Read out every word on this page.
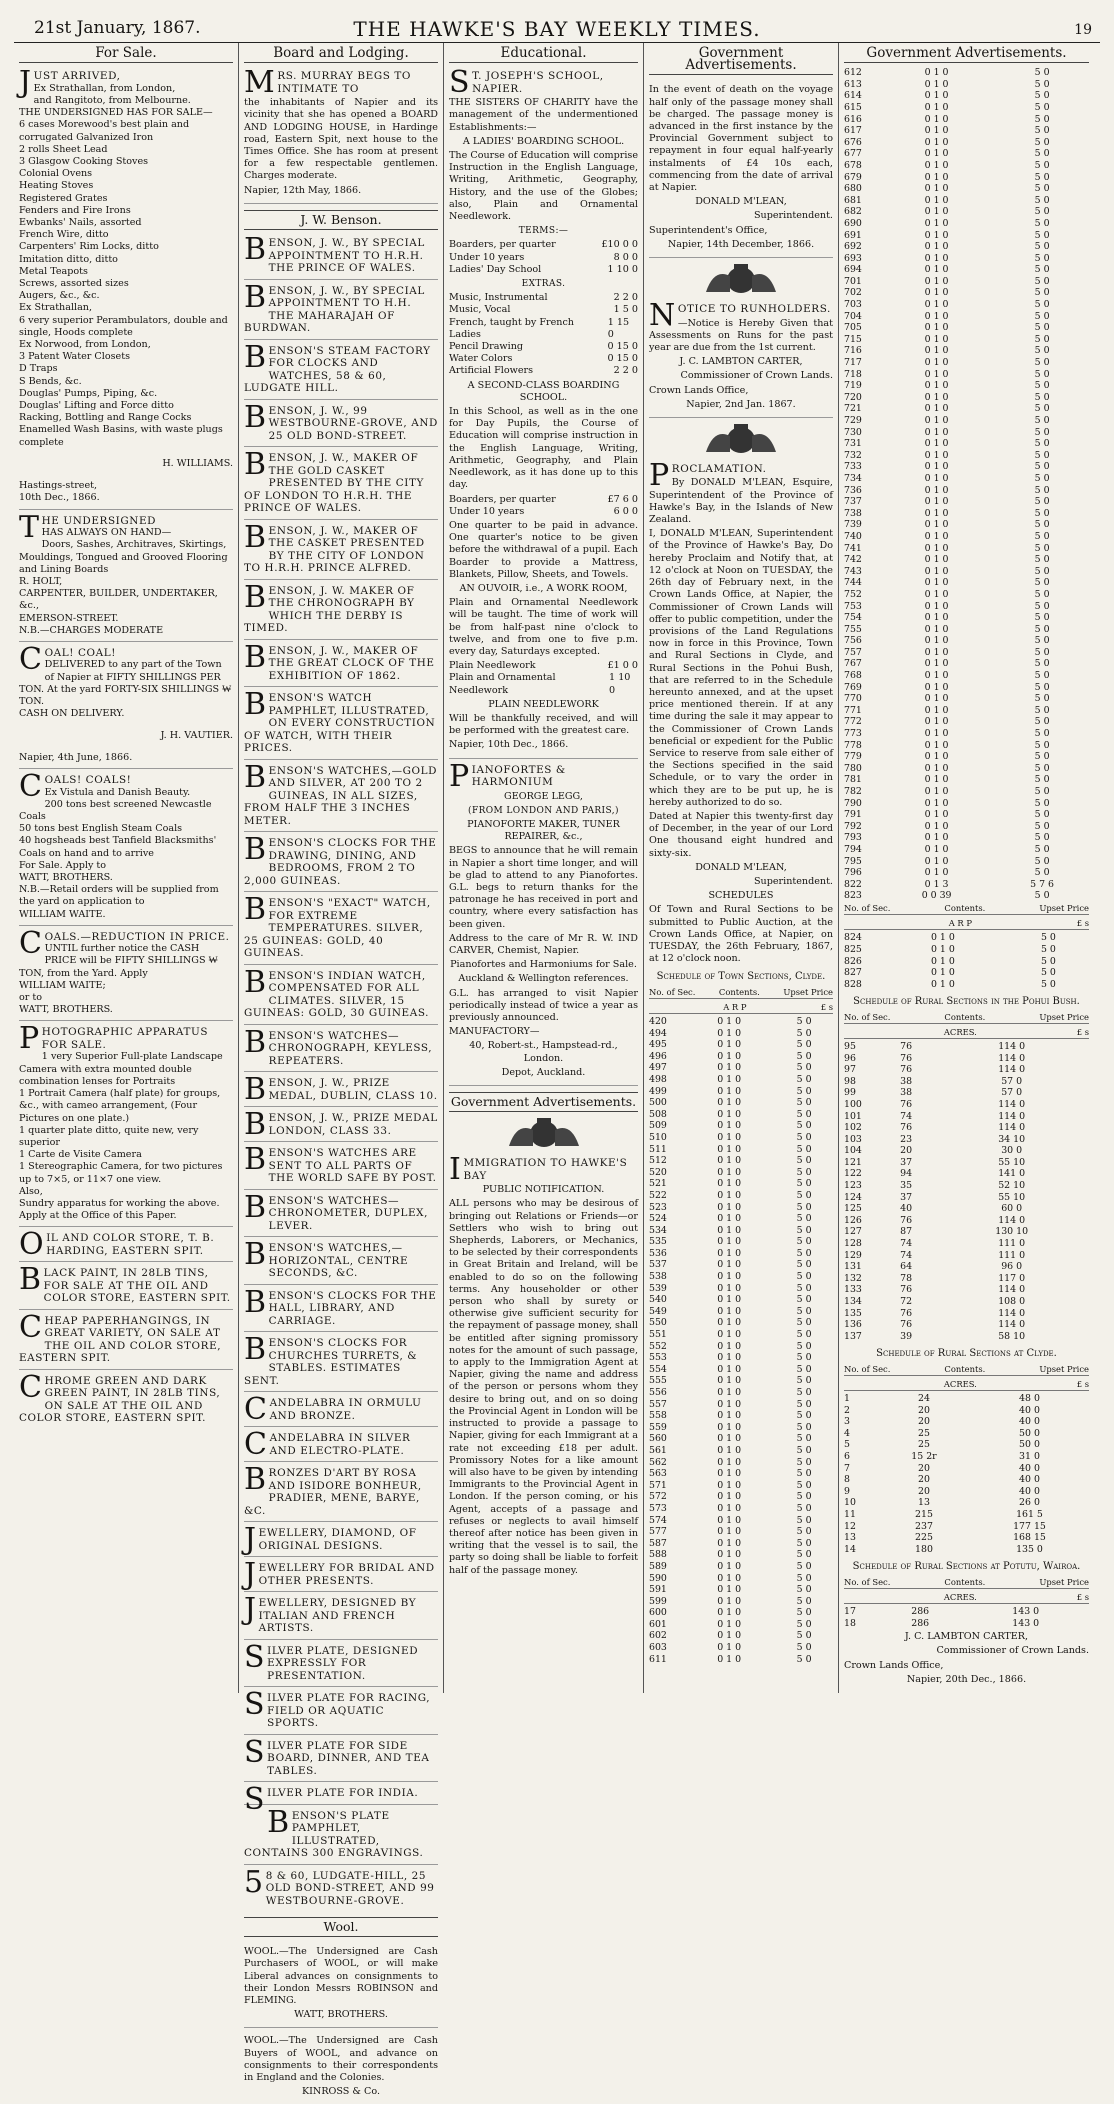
21st January, 1867.	THE HAWKE'S BAY WEEKLY TIMES.	19
For Sale.
JUST ARRIVED,

Ex Strathallan, from London,

and Rangitoto, from Melbourne.

THE UNDERSIGNED HAS FOR SALE—

6 cases Morewood's best plain and corrugated Galvanized Iron

2 rolls Sheet Lead

3 Glasgow Cooking Stoves

Colonial Ovens

Heating Stoves

Registered Grates

Fenders and Fire Irons

Ewbanks' Nails, assorted

French Wire, ditto

Carpenters' Rim Locks, ditto

Imitation ditto, ditto

Metal Teapots

Screws, assorted sizes

Augers, &c., &c.

Ex Strathallan,

6 very superior Perambulators, double and single, Hoods complete

Ex Norwood, from London,

3 Patent Water Closets

D Traps

S Bends, &c.

Douglas' Pumps, Piping, &c.

Douglas' Lifting and Force ditto

Racking, Bottling and Range Cocks

Enamelled Wash Basins, with waste plugs complete

H. WILLIAMS.

Hastings-street,

10th Dec., 1866.

THE UNDERSIGNED

HAS ALWAYS ON HAND—

Doors, Sashes, Architraves, Skirtings, Mouldings, Tongued and Grooved Flooring and Lining Boards

R. HOLT,

CARPENTER, BUILDER, UNDERTAKER, &c.,

EMERSON-STREET.

N.B.—CHARGES MODERATE

COAL! COAL!

DELIVERED to any part of the Town of Napier at FIFTY SHILLINGS PER TON. At the yard FORTY-SIX SHILLINGS ₩ TON.

CASH ON DELIVERY.

J. H. VAUTIER.

Napier, 4th June, 1866.

COALS! COALS!

Ex Vistula and Danish Beauty.

200 tons best screened Newcastle Coals

50 tons best English Steam Coals

40 hogsheads best Tanfield Blacksmiths' Coals on hand and to arrive

For Sale. Apply to

WATT, BROTHERS.

N.B.—Retail orders will be supplied from the yard on application to

WILLIAM WAITE.

COALS.—REDUCTION IN PRICE.

UNTIL further notice the CASH PRICE will be FIFTY SHILLINGS ₩ TON, from the Yard. Apply

WILLIAM WAITE;

or to

WATT, BROTHERS.

PHOTOGRAPHIC APPARATUS FOR SALE.

1 very Superior Full-plate Landscape Camera with extra mounted double combination lenses for Portraits

1 Portrait Camera (half plate) for groups, &c., with cameo arrangement, (Four Pictures on one plate.)

1 quarter plate ditto, quite new, very superior

1 Carte de Visite Camera

1 Stereographic Camera, for two pictures up to 7×5, or 11×7 one view.

Also,

Sundry apparatus for working the above.

Apply at the Office of this Paper.

OIL AND COLOR STORE, T. B. HARDING, EASTERN SPIT.
BLACK PAINT, IN 28LB TINS, FOR SALE AT THE OIL AND COLOR STORE, EASTERN SPIT.
CHEAP PAPERHANGINGS, IN GREAT VARIETY, ON SALE AT THE OIL AND COLOR STORE, EASTERN SPIT.
CHROME GREEN AND DARK GREEN PAINT, IN 28LB TINS, ON SALE AT THE OIL AND COLOR STORE, EASTERN SPIT.
Board and Lodging.
MRS. MURRAY BEGS TO INTIMATE TO

the inhabitants of Napier and its vicinity that she has opened a BOARD AND LODGING HOUSE, in Hardinge road, Eastern Spit, next house to the Times Office. She has room at present for a few respectable gentlemen. Charges moderate.

Napier, 12th May, 1866.

J. W. Benson.
BENSON, J. W., BY SPECIAL APPOINTMENT TO H.R.H. THE PRINCE OF WALES.
BENSON, J. W., BY SPECIAL APPOINTMENT TO H.H. THE MAHARAJAH OF BURDWAN.
BENSON'S STEAM FACTORY FOR CLOCKS AND WATCHES, 58 & 60, LUDGATE HILL.
BENSON, J. W., 99 WESTBOURNE-GROVE, AND 25 OLD BOND-STREET.
BENSON, J. W., MAKER OF THE GOLD CASKET PRESENTED BY THE CITY OF LONDON TO H.R.H. THE PRINCE OF WALES.
BENSON, J. W., MAKER OF THE CASKET PRESENTED BY THE CITY OF LONDON TO H.R.H. PRINCE ALFRED.
BENSON, J. W. MAKER OF THE CHRONOGRAPH BY WHICH THE DERBY IS TIMED.
BENSON, J. W., MAKER OF THE GREAT CLOCK OF THE EXHIBITION OF 1862.
BENSON'S WATCH PAMPHLET, ILLUSTRATED, ON EVERY CONSTRUCTION OF WATCH, WITH THEIR PRICES.
BENSON'S WATCHES,—GOLD AND SILVER, AT 200 TO 2 GUINEAS, IN ALL SIZES, FROM HALF THE 3 INCHES METER.
BENSON'S CLOCKS FOR THE DRAWING, DINING, AND BEDROOMS, FROM 2 TO 2,000 GUINEAS.
BENSON'S "EXACT" WATCH, FOR EXTREME TEMPERATURES. SILVER, 25 GUINEAS: GOLD, 40 GUINEAS.
BENSON'S INDIAN WATCH, COMPENSATED FOR ALL CLIMATES. SILVER, 15 GUINEAS: GOLD, 30 GUINEAS.
BENSON'S WATCHES—CHRONOGRAPH, KEYLESS, REPEATERS.
BENSON, J. W., PRIZE MEDAL, DUBLIN, CLASS 10.
BENSON, J. W., PRIZE MEDAL LONDON, CLASS 33.
BENSON'S WATCHES ARE SENT TO ALL PARTS OF THE WORLD SAFE BY POST.
BENSON'S WATCHES—CHRONOMETER, DUPLEX, LEVER.
BENSON'S WATCHES,—HORIZONTAL, CENTRE SECONDS, &C.
BENSON'S CLOCKS FOR THE HALL, LIBRARY, AND CARRIAGE.
BENSON'S CLOCKS FOR CHURCHES TURRETS, & STABLES. ESTIMATES SENT.
CANDELABRA IN ORMULU AND BRONZE.
CANDELABRA IN SILVER AND ELECTRO-PLATE.
BRONZES D'ART BY ROSA AND ISIDORE BONHEUR, PRADIER, MENE, BARYE, &C.
JEWELLERY, DIAMOND, OF ORIGINAL DESIGNS.
JEWELLERY FOR BRIDAL AND OTHER PRESENTS.
JEWELLERY, DESIGNED BY ITALIAN AND FRENCH ARTISTS.
SILVER PLATE, DESIGNED EXPRESSLY FOR PRESENTATION.
SILVER PLATE FOR RACING, FIELD OR AQUATIC SPORTS.
SILVER PLATE FOR SIDE BOARD, DINNER, AND TEA TABLES.
SILVER PLATE FOR INDIA.
BENSON'S PLATE PAMPHLET, ILLUSTRATED, CONTAINS 300 ENGRAVINGS.
58 & 60, LUDGATE-HILL, 25 OLD BOND-STREET, AND 99 WESTBOURNE-GROVE.
Wool.

WOOL.—The Undersigned are Cash Purchasers of WOOL, or will make Liberal advances on consignments to their London Messrs ROBINSON and FLEMING.

WATT, BROTHERS.

WOOL.—The Undersigned are Cash Buyers of WOOL, and advance on consignments to their correspondents in England and the Colonies.

KINROSS & Co.

Educational.
ST. JOSEPH'S SCHOOL, NAPIER.

THE SISTERS OF CHARITY have the management of the undermentioned Establishments:—

A LADIES' BOARDING SCHOOL.

The Course of Education will comprise Instruction in the English Language, Writing, Arithmetic, Geography, History, and the use of the Globes; also, Plain and Ornamental Needlework.

TERMS:—

Boarders, per quarter	£10 0 0
Under 10 years	8 0 0
Ladies' Day School	1 10 0

EXTRAS.

Music, Instrumental	2 2 0
Music, Vocal	1 5 0
French, taught by French Ladies
1 15 0
Pencil Drawing	0 15 0
Water Colors	0 15 0
Artificial Flowers	2 2 0

A SECOND-CLASS BOARDING SCHOOL.

In this School, as well as in the one for Day Pupils, the Course of Education will comprise instruction in the English Language, Writing, Arithmetic, Geography, and Plain Needlework, as it has done up to this day.

Boarders, per quarter	£7 6 0
Under 10 years	6 0 0

One quarter to be paid in advance. One quarter's notice to be given before the withdrawal of a pupil. Each Boarder to provide a Mattress, Blankets, Pillow, Sheets, and Towels.

AN OUVOIR, i.e., A WORK ROOM,

Plain and Ornamental Needlework will be taught. The time of work will be from half-past nine o'clock to twelve, and from one to five p.m. every day, Saturdays excepted.

Plain Needlework	£1 0 0
Plain and Ornamental Needlework
1 10 0

PLAIN NEEDLEWORK

Will be thankfully received, and will be performed with the greatest care.

Napier, 10th Dec., 1866.

PIANOFORTES & HARMONIUM

GEORGE LEGG,

(FROM LONDON AND PARIS,)

PIANOFORTE MAKER, TUNER REPAIRER, &c.,

BEGS to announce that he will remain in Napier a short time longer, and will be glad to attend to any Pianofortes. G.L. begs to return thanks for the patronage he has received in port and country, where every satisfaction has been given.

Address to the care of Mr R. W. IND CARVER, Chemist, Napier.

Pianofortes and Harmoniums for Sale.

Auckland & Wellington references.

G.L. has arranged to visit Napier periodically instead of twice a year as previously announced.

MANUFACTORY—

40, Robert-st., Hampstead-rd., London.

Depot, Auckland.

Government Advertisements.
IMMIGRATION TO HAWKE'S BAY

PUBLIC NOTIFICATION.

ALL persons who may be desirous of bringing out Relations or Friends—or Settlers who wish to bring out Shepherds, Laborers, or Mechanics, to be selected by their correspondents in Great Britain and Ireland, will be enabled to do so on the following terms. Any householder or other person who shall by surety or otherwise give sufficient security for the repayment of passage money, shall be entitled after signing promissory notes for the amount of such passage, to apply to the Immigration Agent at Napier, giving the name and address of the person or persons whom they desire to bring out, and on so doing the Provincial Agent in London will be instructed to provide a passage to Napier, giving for each Immigrant at a rate not exceeding £18 per adult. Promissory Notes for a like amount will also have to be given by intending Immigrants to the Provincial Agent in London. If the person coming, or his Agent, accepts of a passage and refuses or neglects to avail himself thereof after notice has been given in writing that the vessel is to sail, the party so doing shall be liable to forfeit half of the passage money.

Government Advertisements.

In the event of death on the voyage half only of the passage money shall be charged. The passage money is advanced in the first instance by the Provincial Government subject to repayment in four equal half-yearly instalments of £4 10s each, commencing from the date of arrival at Napier.

DONALD M'LEAN,

Superintendent.

Superintendent's Office,

Napier, 14th December, 1866.

NOTICE TO RUNHOLDERS.

—Notice is Hereby Given that Assessments on Runs for the past year are due from the 1st current.

J. C. LAMBTON CARTER,

Commissioner of Crown Lands.

Crown Lands Office,

Napier, 2nd Jan. 1867.

PROCLAMATION.

By DONALD M'LEAN, Esquire, Superintendent of the Province of Hawke's Bay, in the Islands of New Zealand.

I, DONALD M'LEAN, Superintendent of the Province of Hawke's Bay, Do hereby Proclaim and Notify that, at 12 o'clock at Noon on TUESDAY, the 26th day of February next, in the Crown Lands Office, at Napier, the Commissioner of Crown Lands will offer to public competition, under the provisions of the Land Regulations now in force in this Province, Town and Rural Sections in Clyde, and Rural Sections in the Pohui Bush, that are referred to in the Schedule hereunto annexed, and at the upset price mentioned therein. If at any time during the sale it may appear to the Commissioner of Crown Lands beneficial or expedient for the Public Service to reserve from sale either of the Sections specified in the said Schedule, or to vary the order in which they are to be put up, he is hereby authorized to do so.

Dated at Napier this twenty-first day of December, in the year of our Lord One thousand eight hundred and sixty-six.

DONALD M'LEAN,

Superintendent.

SCHEDULES

Of Town and Rural Sections to be submitted to Public Auction, at the Crown Lands Office, at Napier, on TUESDAY, the 26th February, 1867, at 12 o'clock noon.

Schedule of Town Sections, Clyde.
No. of Sec.	Contents.	Upset Price
A R P	£ s
420	0 1 0	5 0
494	0 1 0	5 0
495	0 1 0	5 0
496	0 1 0	5 0
497	0 1 0	5 0
498	0 1 0	5 0
499	0 1 0	5 0
500	0 1 0	5 0
508	0 1 0	5 0
509	0 1 0	5 0
510	0 1 0	5 0
511	0 1 0	5 0
512	0 1 0	5 0
520	0 1 0	5 0
521	0 1 0	5 0
522	0 1 0	5 0
523	0 1 0	5 0
524	0 1 0	5 0
534	0 1 0	5 0
535	0 1 0	5 0
536	0 1 0	5 0
537	0 1 0	5 0
538	0 1 0	5 0
539	0 1 0	5 0
540	0 1 0	5 0
549	0 1 0	5 0
550	0 1 0	5 0
551	0 1 0	5 0
552	0 1 0	5 0
553	0 1 0	5 0
554	0 1 0	5 0
555	0 1 0	5 0
556	0 1 0	5 0
557	0 1 0	5 0
558	0 1 0	5 0
559	0 1 0	5 0
560	0 1 0	5 0
561	0 1 0	5 0
562	0 1 0	5 0
563	0 1 0	5 0
571	0 1 0	5 0
572	0 1 0	5 0
573	0 1 0	5 0
574	0 1 0	5 0
577	0 1 0	5 0
587	0 1 0	5 0
588	0 1 0	5 0
589	0 1 0	5 0
590	0 1 0	5 0
591	0 1 0	5 0
599	0 1 0	5 0
600	0 1 0	5 0
601	0 1 0	5 0
602	0 1 0	5 0
603	0 1 0	5 0
611	0 1 0	5 0
Government Advertisements.
612	0 1 0	5 0
613	0 1 0	5 0
614	0 1 0	5 0
615	0 1 0	5 0
616	0 1 0	5 0
617	0 1 0	5 0
676	0 1 0	5 0
677	0 1 0	5 0
678	0 1 0	5 0
679	0 1 0	5 0
680	0 1 0	5 0
681	0 1 0	5 0
682	0 1 0	5 0
690	0 1 0	5 0
691	0 1 0	5 0
692	0 1 0	5 0
693	0 1 0	5 0
694	0 1 0	5 0
701	0 1 0	5 0
702	0 1 0	5 0
703	0 1 0	5 0
704	0 1 0	5 0
705	0 1 0	5 0
715	0 1 0	5 0
716	0 1 0	5 0
717	0 1 0	5 0
718	0 1 0	5 0
719	0 1 0	5 0
720	0 1 0	5 0
721	0 1 0	5 0
729	0 1 0	5 0
730	0 1 0	5 0
731	0 1 0	5 0
732	0 1 0	5 0
733	0 1 0	5 0
734	0 1 0	5 0
736	0 1 0	5 0
737	0 1 0	5 0
738	0 1 0	5 0
739	0 1 0	5 0
740	0 1 0	5 0
741	0 1 0	5 0
742	0 1 0	5 0
743	0 1 0	5 0
744	0 1 0	5 0
752	0 1 0	5 0
753	0 1 0	5 0
754	0 1 0	5 0
755	0 1 0	5 0
756	0 1 0	5 0
757	0 1 0	5 0
767	0 1 0	5 0
768	0 1 0	5 0
769	0 1 0	5 0
770	0 1 0	5 0
771	0 1 0	5 0
772	0 1 0	5 0
773	0 1 0	5 0
778	0 1 0	5 0
779	0 1 0	5 0
780	0 1 0	5 0
781	0 1 0	5 0
782	0 1 0	5 0
790	0 1 0	5 0
791	0 1 0	5 0
792	0 1 0	5 0
793	0 1 0	5 0
794	0 1 0	5 0
795	0 1 0	5 0
796	0 1 0	5 0
822	0 1 3	5 7 6
823	0 0 39	5 0
No. of Sec.	Contents.	Upset Price
A R P	£ s
824	0 1 0	5 0
825	0 1 0	5 0
826	0 1 0	5 0
827	0 1 0	5 0
828	0 1 0	5 0
Schedule of Rural Sections in the Pohui Bush.
No. of Sec.	Contents.	Upset Price
ACRES.	£ s
95	76	114 0
96	76	114 0
97	76	114 0
98	38	57 0
99	38	57 0
100	76	114 0
101	74	114 0
102	76	114 0
103	23	34 10
104	20	30 0
121	37	55 10
122	94	141 0
123	35	52 10
124	37	55 10
125	40	60 0
126	76	114 0
127	87	130 10
128	74	111 0
129	74	111 0
131	64	96 0
132	78	117 0
133	76	114 0
134	72	108 0
135	76	114 0
136	76	114 0
137	39	58 10
Schedule of Rural Sections at Clyde.
No. of Sec.	Contents.	Upset Price
ACRES.	£ s
1	24	48 0
2	20	40 0
3	20	40 0
4	25	50 0
5	25	50 0
6	15 2r	31 0
7	20	40 0
8	20	40 0
9	20	40 0
10	13	26 0
11	215	161 5
12	237	177 15
13	225	168 15
14	180	135 0
Schedule of Rural Sections at Potutu, Wairoa.
No. of Sec.	Contents.	Upset Price
ACRES.	£ s
17	286	143 0
18	286	143 0

J. C. LAMBTON CARTER,

Commissioner of Crown Lands.

Crown Lands Office,

Napier, 20th Dec., 1866.
